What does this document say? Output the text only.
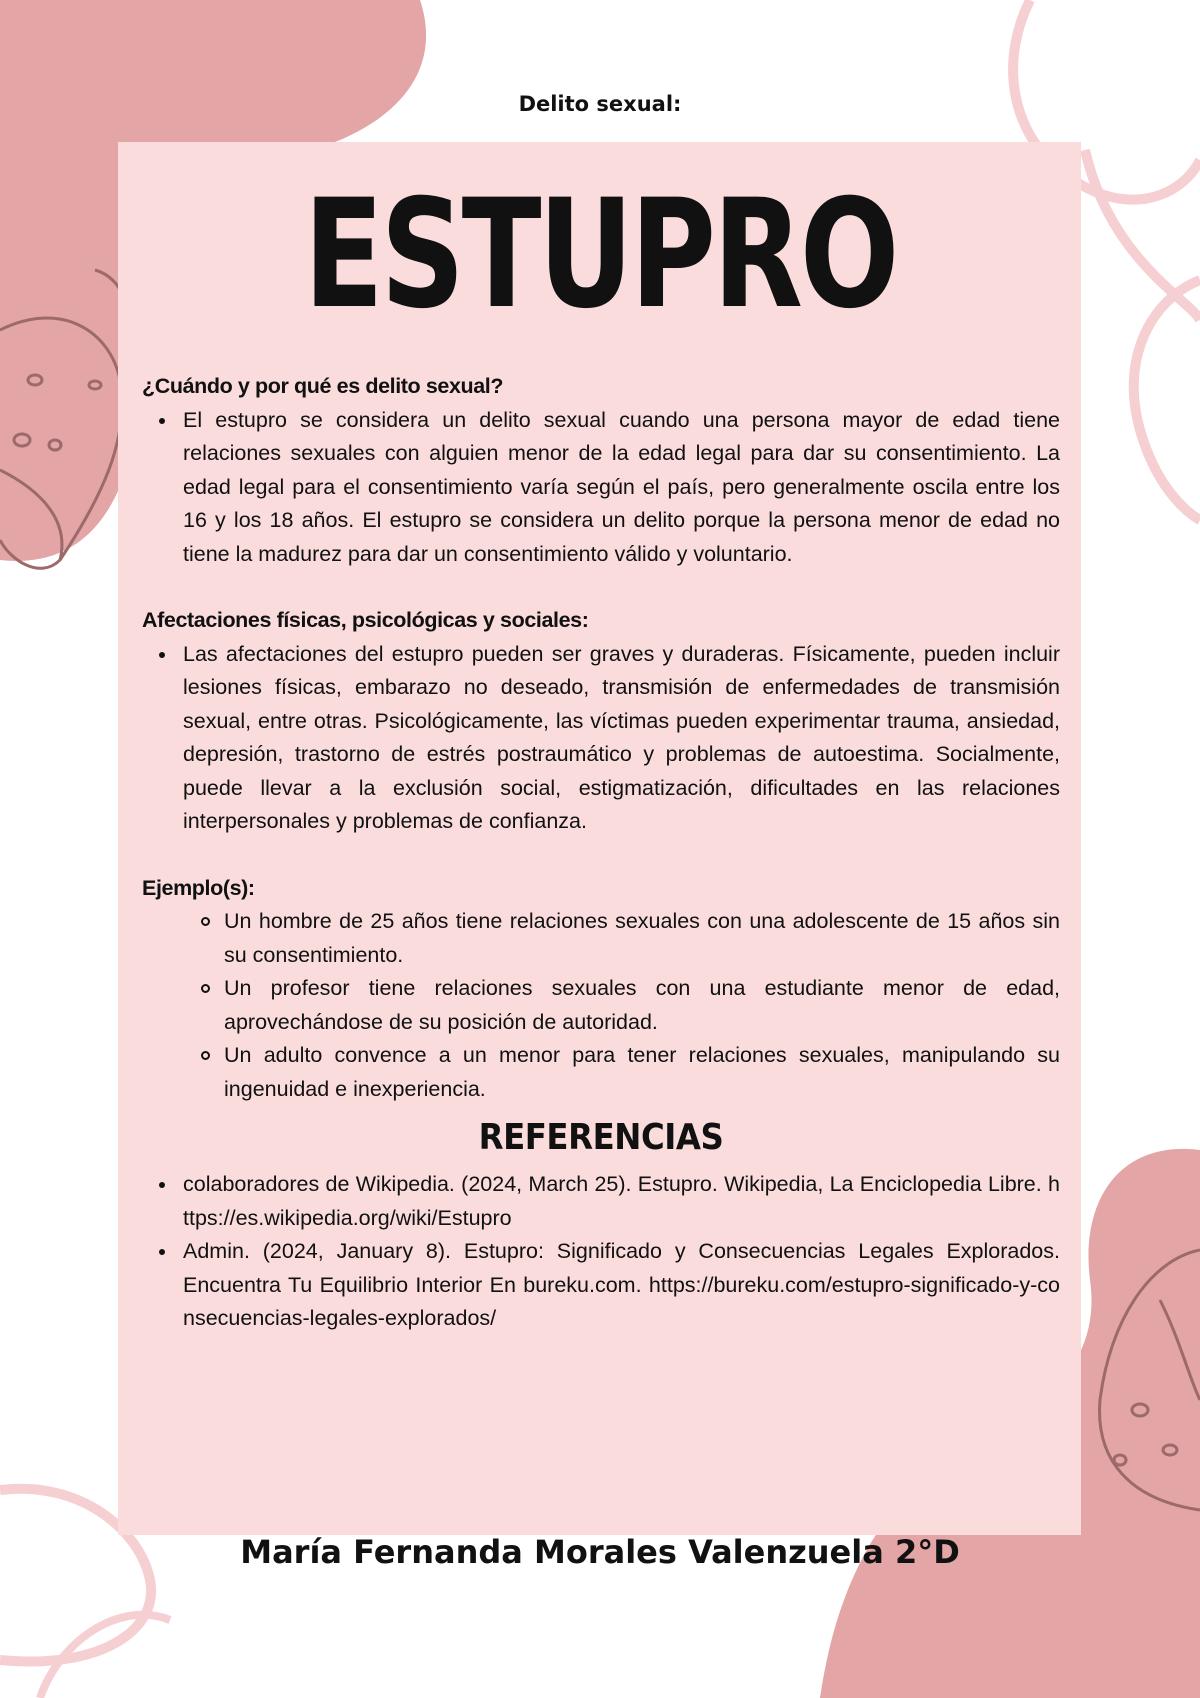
Delito sexual:

ESTUPRO

¿Cuándo y por qué es delito sexual?

El estupro se considera un delito sexual cuando una persona mayor de edad tiene relaciones sexuales con alguien menor de la edad legal para dar su consentimiento. La edad legal para el consentimiento varía según el país, pero generalmente oscila entre los 16 y los 18 años. El estupro se considera un delito porque la persona menor de edad no tiene la madurez para dar un consentimiento válido y voluntario.

Afectaciones físicas, psicológicas y sociales:

Las afectaciones del estupro pueden ser graves y duraderas. Físicamente, pueden incluir lesiones físicas, embarazo no deseado, transmisión de enfermedades de transmisión sexual, entre otras. Psicológicamente, las víctimas pueden experimentar trauma, ansiedad, depresión, trastorno de estrés postraumático y problemas de autoestima. Socialmente, puede llevar a la exclusión social, estigmatización, dificultades en las relaciones interpersonales y problemas de confianza.

Ejemplo(s):

Un hombre de 25 años tiene relaciones sexuales con una adolescente de 15 años sin su consentimiento.
Un profesor tiene relaciones sexuales con una estudiante menor de edad, aprovechándose de su posición de autoridad.
Un adulto convence a un menor para tener relaciones sexuales, manipulando su ingenuidad e inexperiencia.
REFERENCIAS
colaboradores de Wikipedia. (2024, March 25). Estupro. Wikipedia, La Enciclopedia Libre. https://es.wikipedia.org/wiki/Estupro
Admin. (2024, January 8). Estupro: Significado y Consecuencias Legales Explorados. Encuentra Tu Equilibrio Interior En bureku.com. https://bureku.com/estupro-significado-y-consecuencias-legales-explorados/

María Fernanda Morales Valenzuela 2°D
